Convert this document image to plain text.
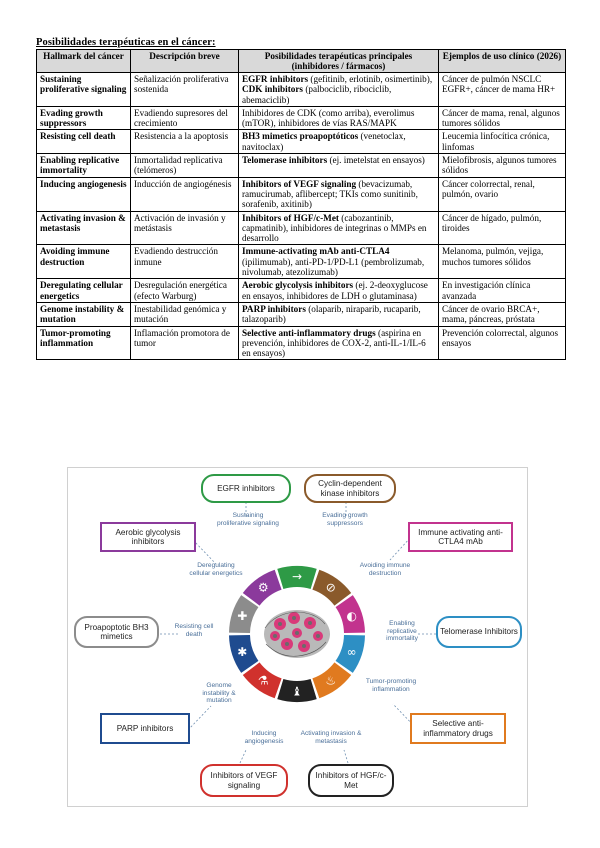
Posibilidades terapéuticas en el cáncer:
Hallmark del cáncer	Descripción breve	Posibilidades terapéuticas principales (inhibidores / fármacos)	Ejemplos de uso clínico (2026)
Sustaining proliferative signaling	Señalización proliferativa sostenida	EGFR inhibitors (gefitinib, erlotinib, osimertinib), CDK inhibitors (palbociclib, ribociclib, abemaciclib)	Cáncer de pulmón NSCLC EGFR+, cáncer de mama HR+
Evading growth suppressors	Evadiendo supresores del crecimiento	Inhibidores de CDK (como arriba), everolimus (mTOR), inhibidores de vías RAS/MAPK	Cáncer de mama, renal, algunos tumores sólidos
Resisting cell death	Resistencia a la apoptosis	BH3 mimetics proapoptóticos (venetoclax, navitoclax)	Leucemia linfocítica crónica, linfomas
Enabling replicative immortality	Inmortalidad replicativa (telómeros)	Telomerase inhibitors (ej. imetelstat en ensayos)	Mielofibrosis, algunos tumores sólidos
Inducing angiogenesis	Inducción de angiogénesis	Inhibitors of VEGF signaling (bevacizumab, ramucirumab, aflibercept; TKIs como sunitinib, sorafenib, axitinib)	Cáncer colorrectal, renal, pulmón, ovario
Activating invasion & metastasis	Activación de invasión y metástasis	Inhibitors of HGF/c-Met (cabozantinib, capmatinib), inhibidores de integrinas o MMPs en desarrollo	Cáncer de hígado, pulmón, tiroides
Avoiding immune destruction	Evadiendo destrucción inmune	Immune-activating mAb anti-CTLA4 (ipilimumab), anti-PD-1/PD-L1 (pembrolizumab, nivolumab, atezolizumab)	Melanoma, pulmón, vejiga, muchos tumores sólidos
Deregulating cellular energetics	Desregulación energética (efecto Warburg)	Aerobic glycolysis inhibitors (ej. 2-deoxyglucose en ensayos, inhibidores de LDH o glutaminasa)	En investigación clínica avanzada
Genome instability & mutation	Inestabilidad genómica y mutación	PARP inhibitors (olaparib, niraparib, rucaparib, talazoparib)	Cáncer de ovario BRCA+, mama, páncreas, próstata
Tumor-promoting inflammation	Inflamación promotora de tumor	Selective anti-inflammatory drugs (aspirina en prevención, inhibidores de COX-2, anti-IL-1/IL-6 en ensayos)	Prevención colorrectal, algunos ensayos
→
⊘
◐
∞
♨
♝
⚗
✱
✚
⚙
EGFR inhibitors
Cyclin-dependent kinase inhibitors
Aerobic glycolysis inhibitors
Immune activating anti-CTLA4 mAb
Proapoptotic BH3 mimetics
Telomerase Inhibitors
PARP inhibitors
Selective anti-inflammatory drugs
Inhibitors of VEGF signaling
Inhibitors of HGF/c-Met
Sustaining proliferative signaling
Evading growth suppressors
Deregulating cellular energetics
Avoiding immune destruction
Resisting cell death
Enabling replicative immortality
Genome instability & mutation
Tumor-promoting inflammation
Inducing angiogenesis
Activating invasion & metastasis
